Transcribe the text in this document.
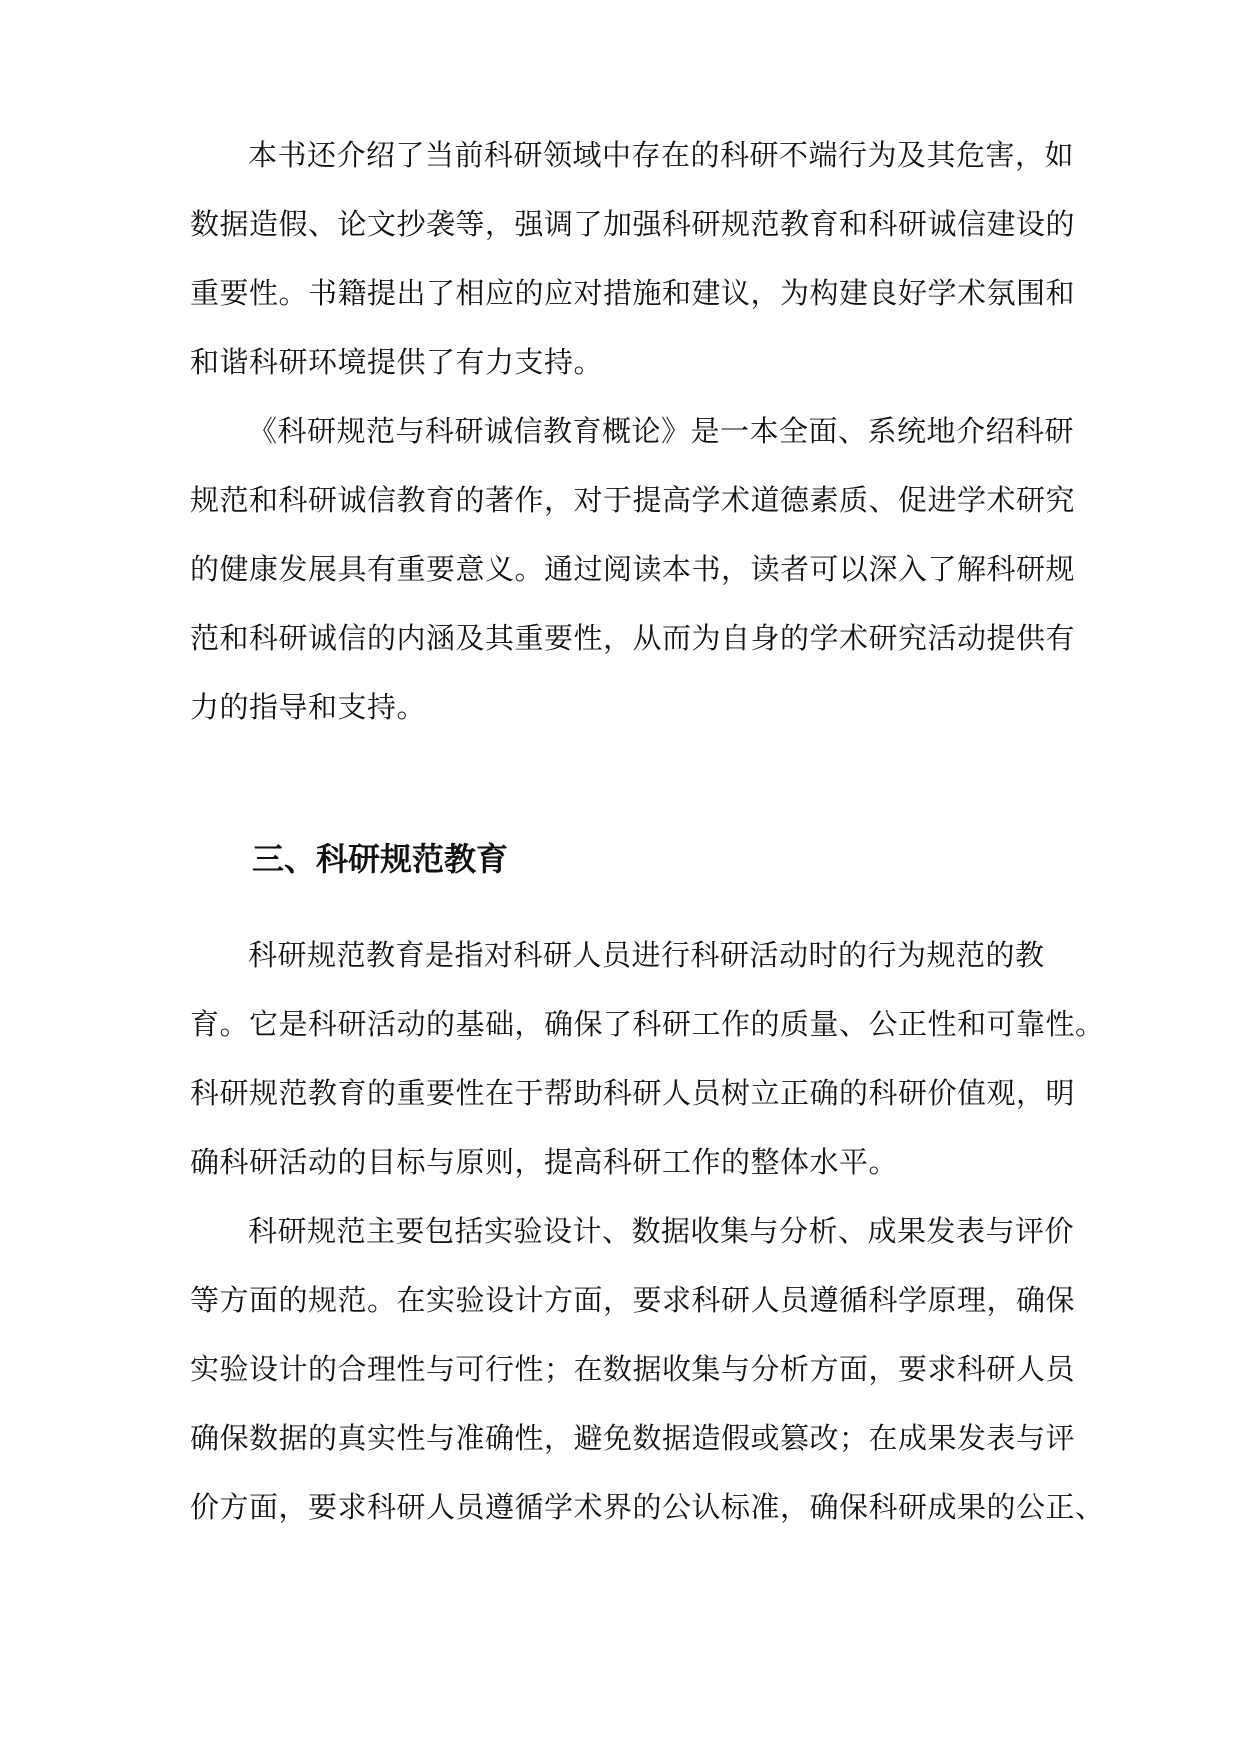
本书还介绍了当前科研领域中存在的科研不端行为及其危害，如
数据造假、论文抄袭等，强调了加强科研规范教育和科研诚信建设的
重要性。书籍提出了相应的应对措施和建议，为构建良好学术氛围和
和谐科研环境提供了有力支持。
《科研规范与科研诚信教育概论》是一本全面、系统地介绍科研
规范和科研诚信教育的著作，对于提高学术道德素质、促进学术研究
的健康发展具有重要意义。通过阅读本书，读者可以深入了解科研规
范和科研诚信的内涵及其重要性，从而为自身的学术研究活动提供有
力的指导和支持。
三、科研规范教育
科研规范教育是指对科研人员进行科研活动时的行为规范的教
育。它是科研活动的基础，确保了科研工作的质量、公正性和可靠性。
科研规范教育的重要性在于帮助科研人员树立正确的科研价值观，明
确科研活动的目标与原则，提高科研工作的整体水平。
科研规范主要包括实验设计、数据收集与分析、成果发表与评价
等方面的规范。在实验设计方面，要求科研人员遵循科学原理，确保
实验设计的合理性与可行性；在数据收集与分析方面，要求科研人员
确保数据的真实性与准确性，避免数据造假或篡改；在成果发表与评
价方面，要求科研人员遵循学术界的公认标准，确保科研成果的公正、
